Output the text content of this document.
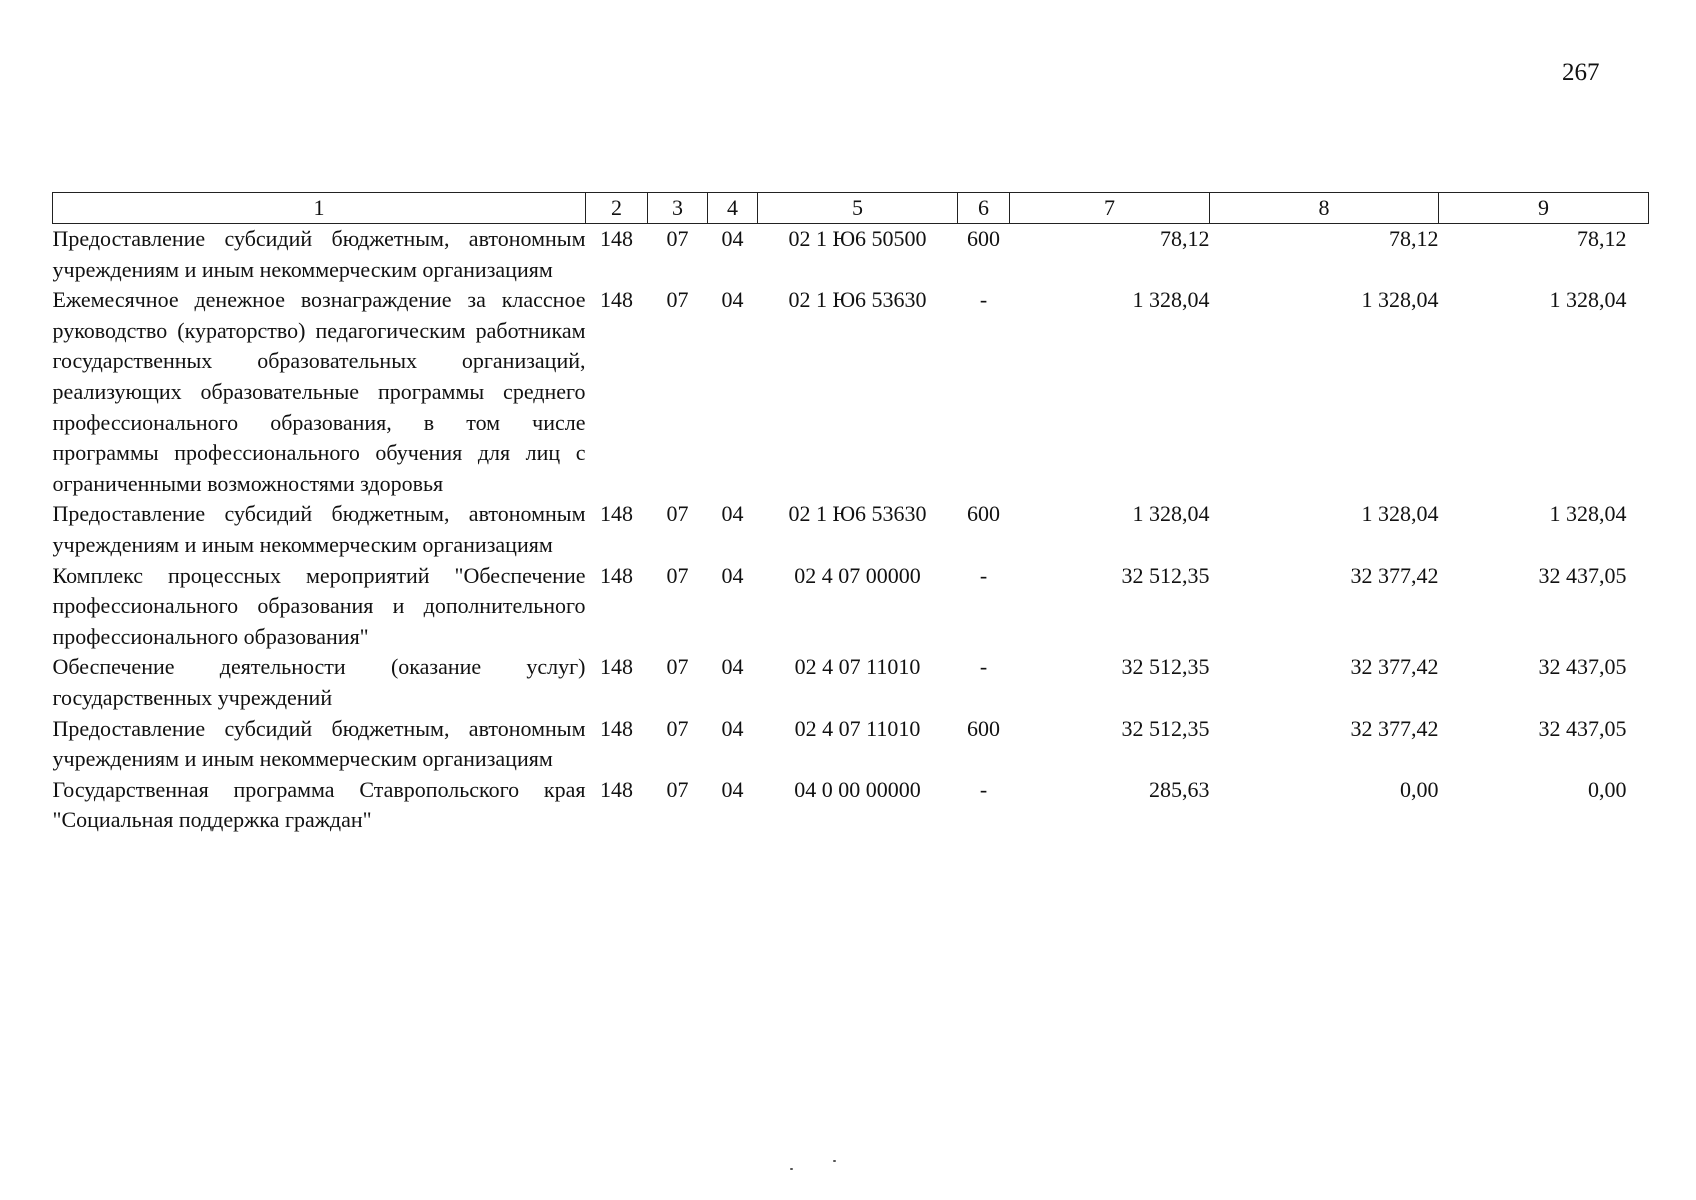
267
1	2	3	4	5	6	7	8	9
Предоставление субсидий бюджетным, автономным учреждениям и иным некоммерческим организациям	148	07	04	02 1 Ю6 50500	600	78,12	78,12	78,12
Ежемесячное денежное вознаграждение за классное руководство (кураторство) педагогическим работникам государственных образовательных организаций, реализующих образовательные программы среднего профессионального образования, в том числе программы профессионального обучения для лиц с ограниченными возможностями здоровья	148	07	04	02 1 Ю6 53630	-	1 328,04	1 328,04	1 328,04
Предоставление субсидий бюджетным, автономным учреждениям и иным некоммерческим организациям	148	07	04	02 1 Ю6 53630	600	1 328,04	1 328,04	1 328,04
Комплекс процессных мероприятий "Обеспечение профессионального образования и дополнительного профессионального образования"	148	07	04	02 4 07 00000	-	32 512,35	32 377,42	32 437,05
Обеспечение деятельности (оказание услуг) государственных учреждений	148	07	04	02 4 07 11010	-	32 512,35	32 377,42	32 437,05
Предоставление субсидий бюджетным, автономным учреждениям и иным некоммерческим организациям	148	07	04	02 4 07 11010	600	32 512,35	32 377,42	32 437,05
Государственная программа Ставропольского края "Социальная поддержка граждан"	148	07	04	04 0 00 00000	-	285,63	0,00	0,00
